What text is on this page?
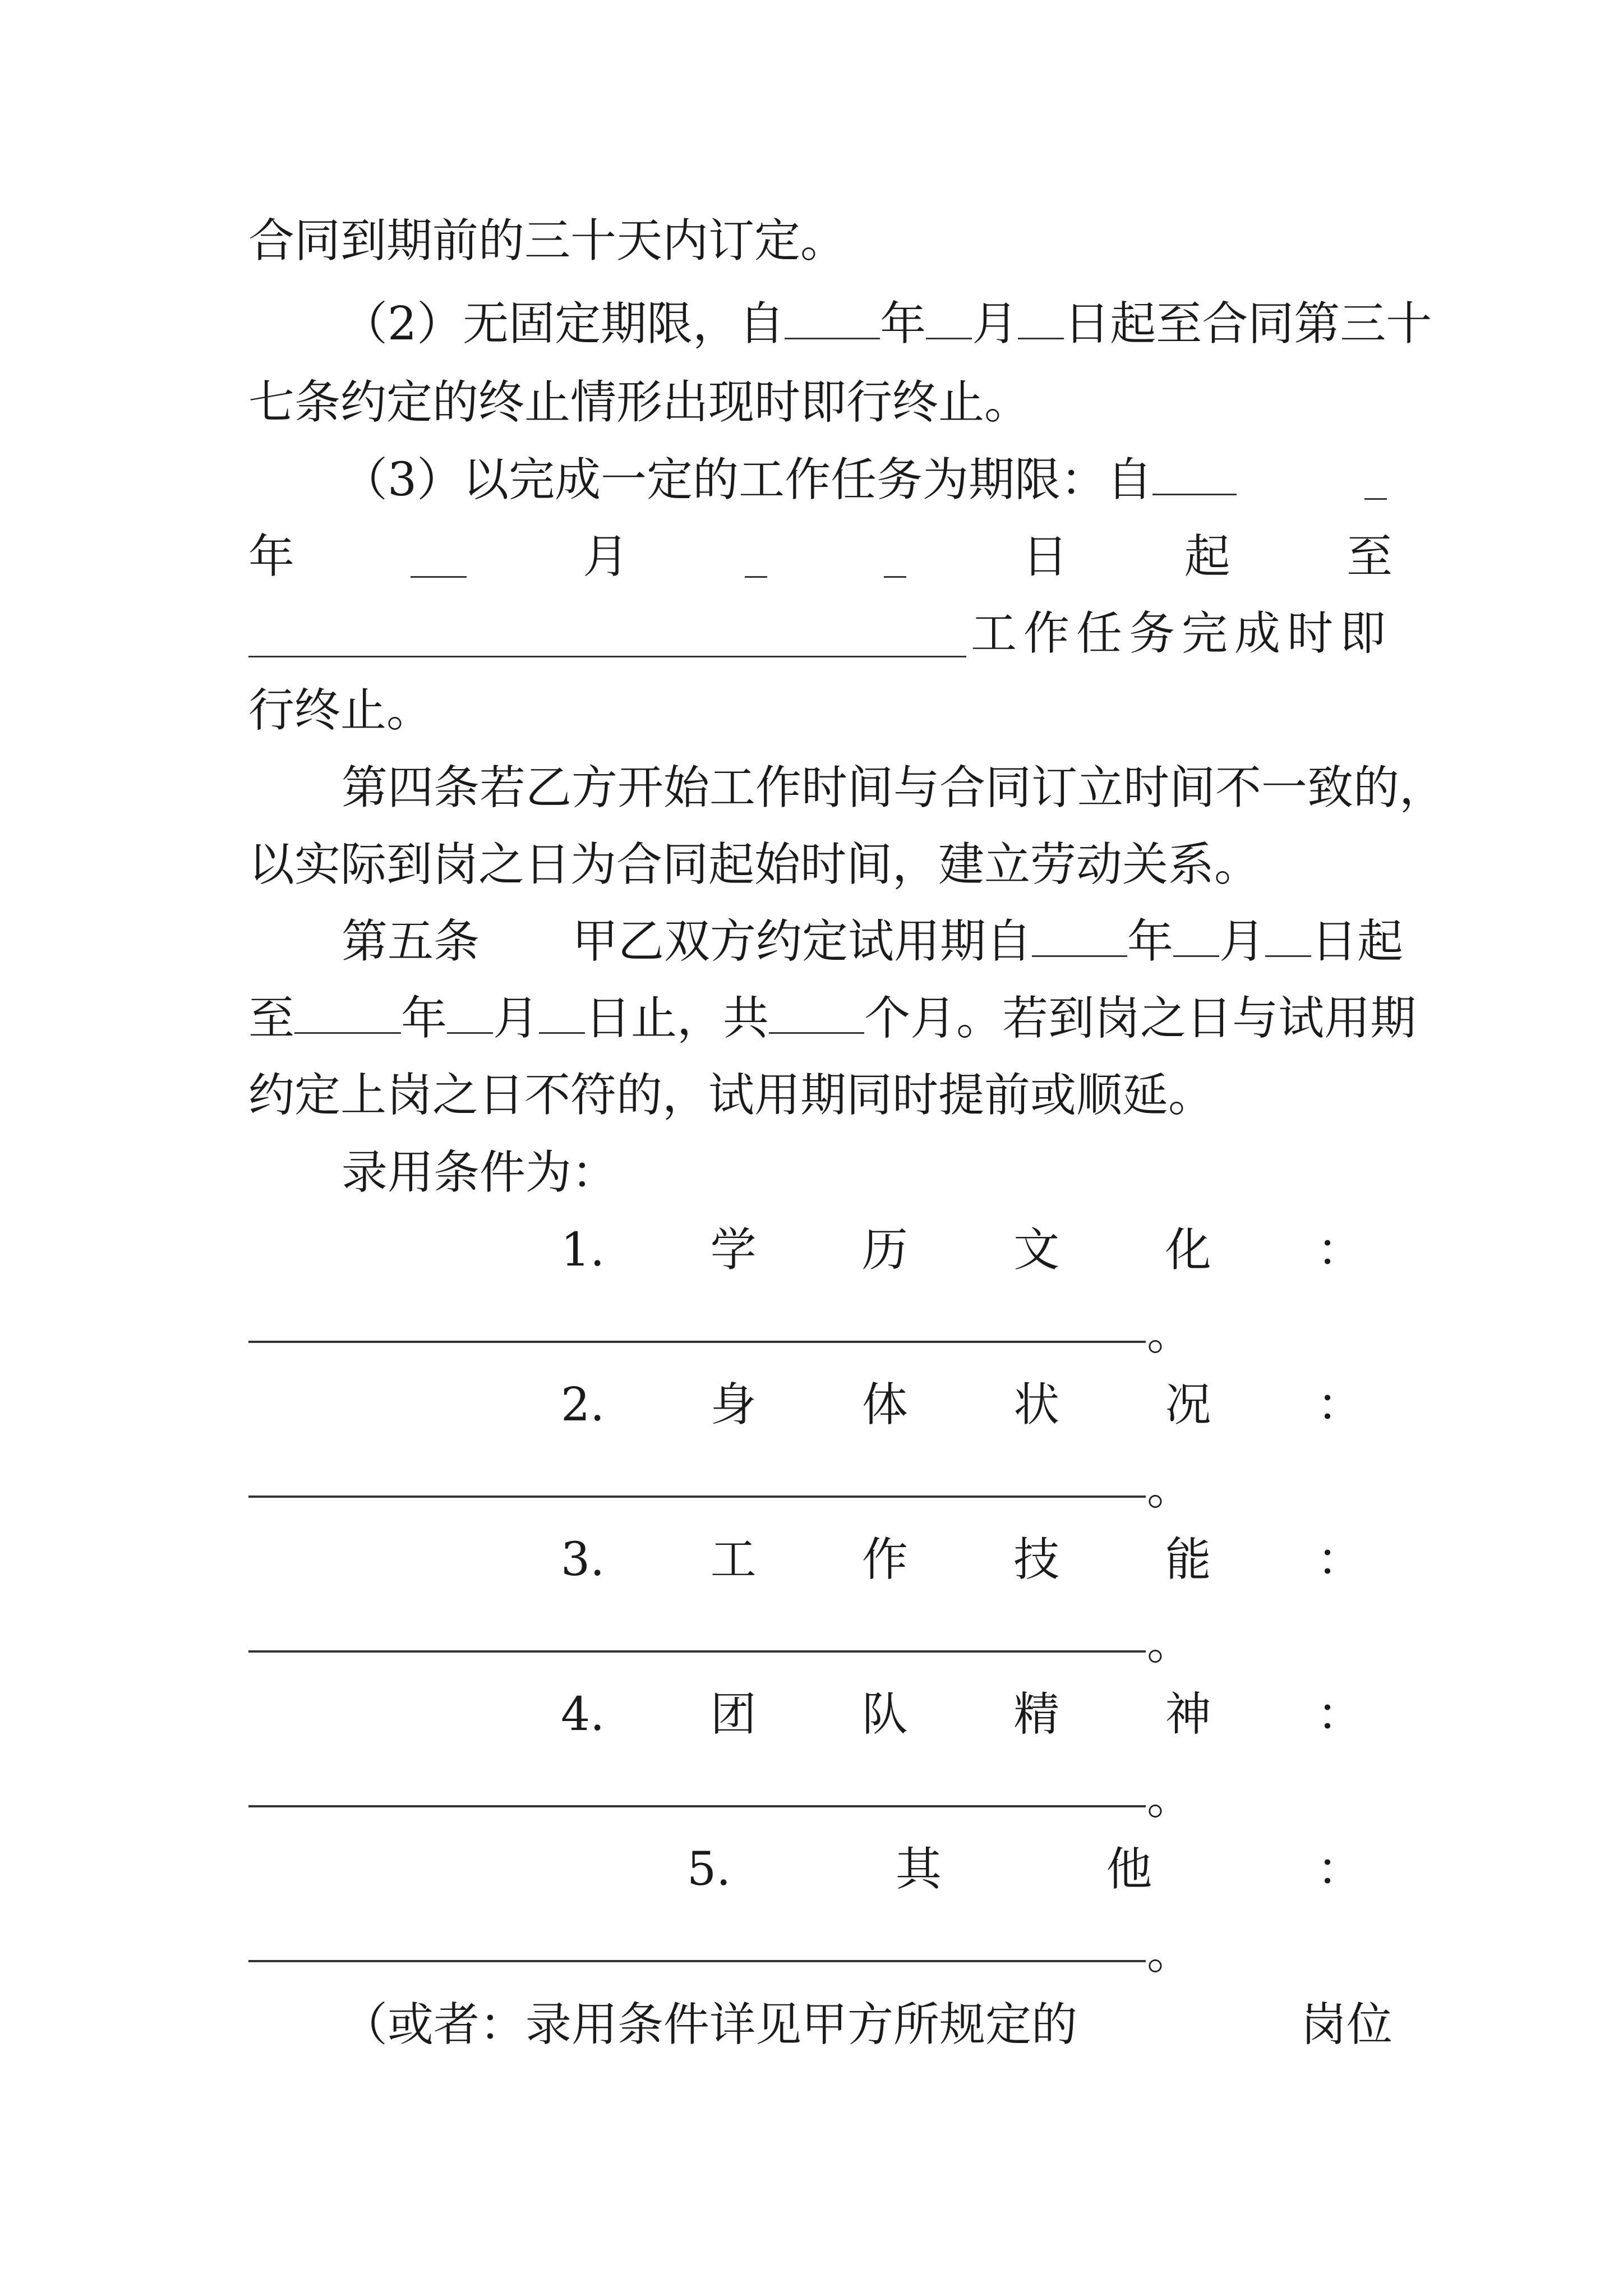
合同到期前的三十天内订定。
（2）无固定期限，自 年 月 日起至合同第三十
七条约定的终止情形出现时即行终止。
（3）以完成一定的工作任务为期限：自
年	月	日	起	至
工作任务完成时即
行终止。
第四条若乙方开始工作时间与合同订立时间不一致的，
以实际到岗之日为合同起始时间，建立劳动关系。
第五条 甲乙双方约定试用期自 年 月 日起
至 年 月 日止，共 个月。若到岗之日与试用期
约定上岗之日不符的，试用期同时提前或顺延。
录用条件为：
1. 学 历 文 化 ：
。
2. 身 体 状 况 ：
。
3. 工 作 技 能 ：
。
4. 团 队 精 神 ：
。
5.	其	他	：
。
（或者：录用条件详见甲方所规定的	岗位
